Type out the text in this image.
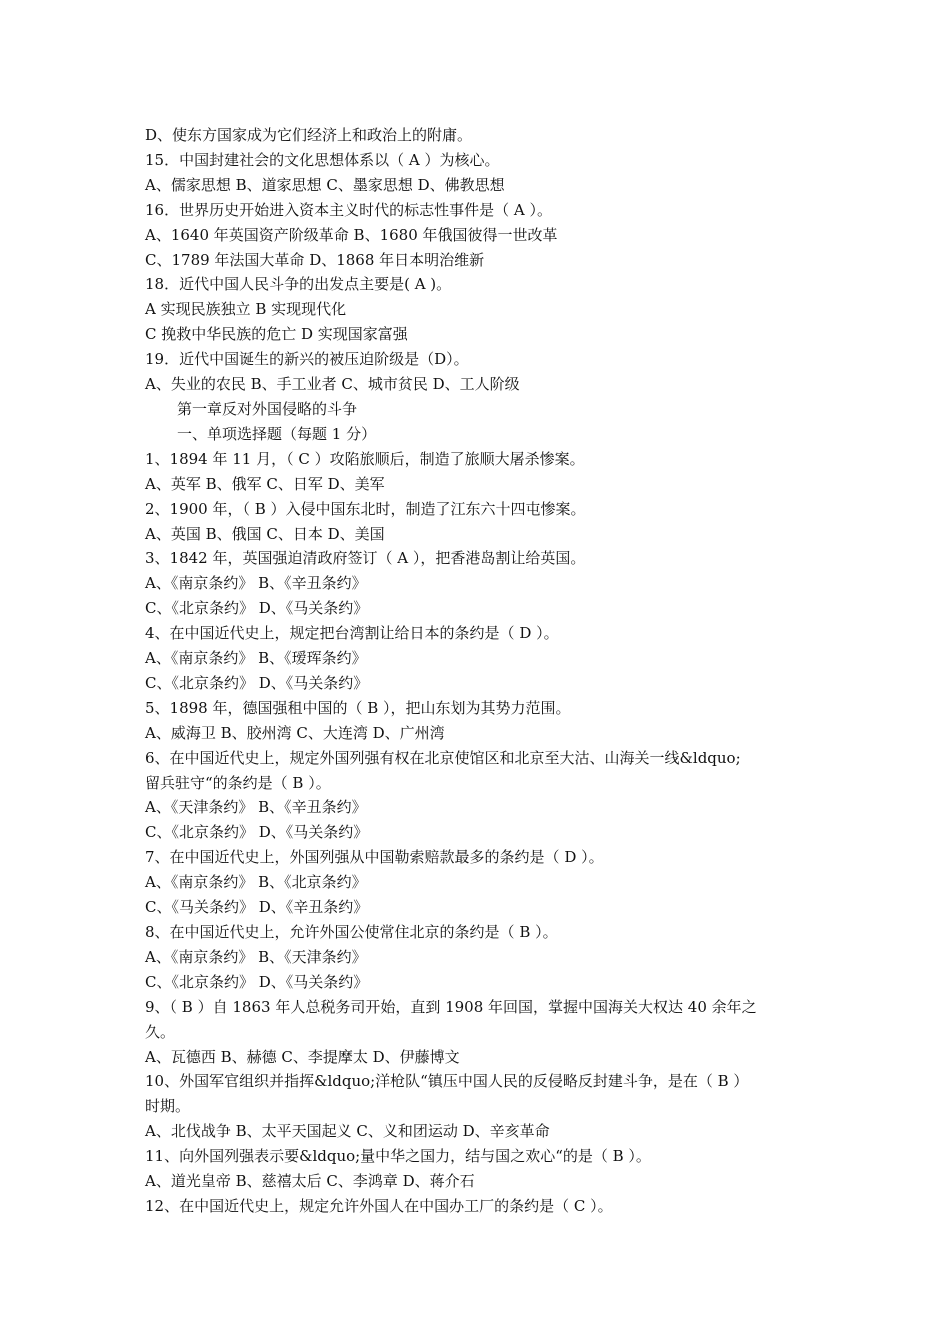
D、使东方国家成为它们经济上和政治上的附庸。
15．中国封建社会的文化思想体系以（ A ）为核心。
A、儒家思想 B、道家思想 C、墨家思想 D、佛教思想
16．世界历史开始进入资本主义时代的标志性事件是（ A ）。
A、1640 年英国资产阶级革命 B、1680 年俄国彼得一世改革
C、1789 年法国大革命 D、1868 年日本明治维新
18．近代中国人民斗争的出发点主要是( A )。
A 实现民族独立 B 实现现代化
C 挽救中华民族的危亡 D 实现国家富强
19．近代中国诞生的新兴的被压迫阶级是（D）。
A、失业的农民 B、手工业者 C、城市贫民 D、工人阶级
第一章反对外国侵略的斗争
一、单项选择题（每题 1 分）
1、1894 年 11 月，（ C ）攻陷旅顺后，制造了旅顺大屠杀惨案。
A、英军 B、俄军 C、日军 D、美军
2、1900 年，（ B ）入侵中国东北时，制造了江东六十四屯惨案。
A、英国 B、俄国 C、日本 D、美国
3、1842 年，英国强迫清政府签订（ A ），把香港岛割让给英国。
A、《南京条约》 B、《辛丑条约》
C、《北京条约》 D、《马关条约》
4、在中国近代史上，规定把台湾割让给日本的条约是（ D ）。
A、《南京条约》 B、《瑷珲条约》
C、《北京条约》 D、《马关条约》
5、1898 年，德国强租中国的（ B ），把山东划为其势力范围。
A、威海卫 B、胶州湾 C、大连湾 D、广州湾
6、在中国近代史上，规定外国列强有权在北京使馆区和北京至大沽、山海关一线&ldquo;
留兵驻守“的条约是（ B ）。
A、《天津条约》 B、《辛丑条约》
C、《北京条约》 D、《马关条约》
7、在中国近代史上，外国列强从中国勒索赔款最多的条约是（ D ）。
A、《南京条约》 B、《北京条约》
C、《马关条约》 D、《辛丑条约》
8、在中国近代史上，允许外国公使常住北京的条约是（ B ）。
A、《南京条约》 B、《天津条约》
C、《北京条约》 D、《马关条约》
9、（ B ）自 1863 年人总税务司开始，直到 1908 年回国，掌握中国海关大权达 40 余年之
久。
A、瓦德西 B、赫德 C、李提摩太 D、伊藤博文
10、外国军官组织并指挥&ldquo;洋枪队“镇压中国人民的反侵略反封建斗争，是在（ B ）
时期。
A、北伐战争 B、太平天国起义 C、义和团运动 D、辛亥革命
11、向外国列强表示要&ldquo;量中华之国力，结与国之欢心“的是（ B ）。
A、道光皇帝 B、慈禧太后 C、李鸿章 D、蒋介石
12、在中国近代史上，规定允许外国人在中国办工厂的条约是（ C ）。
